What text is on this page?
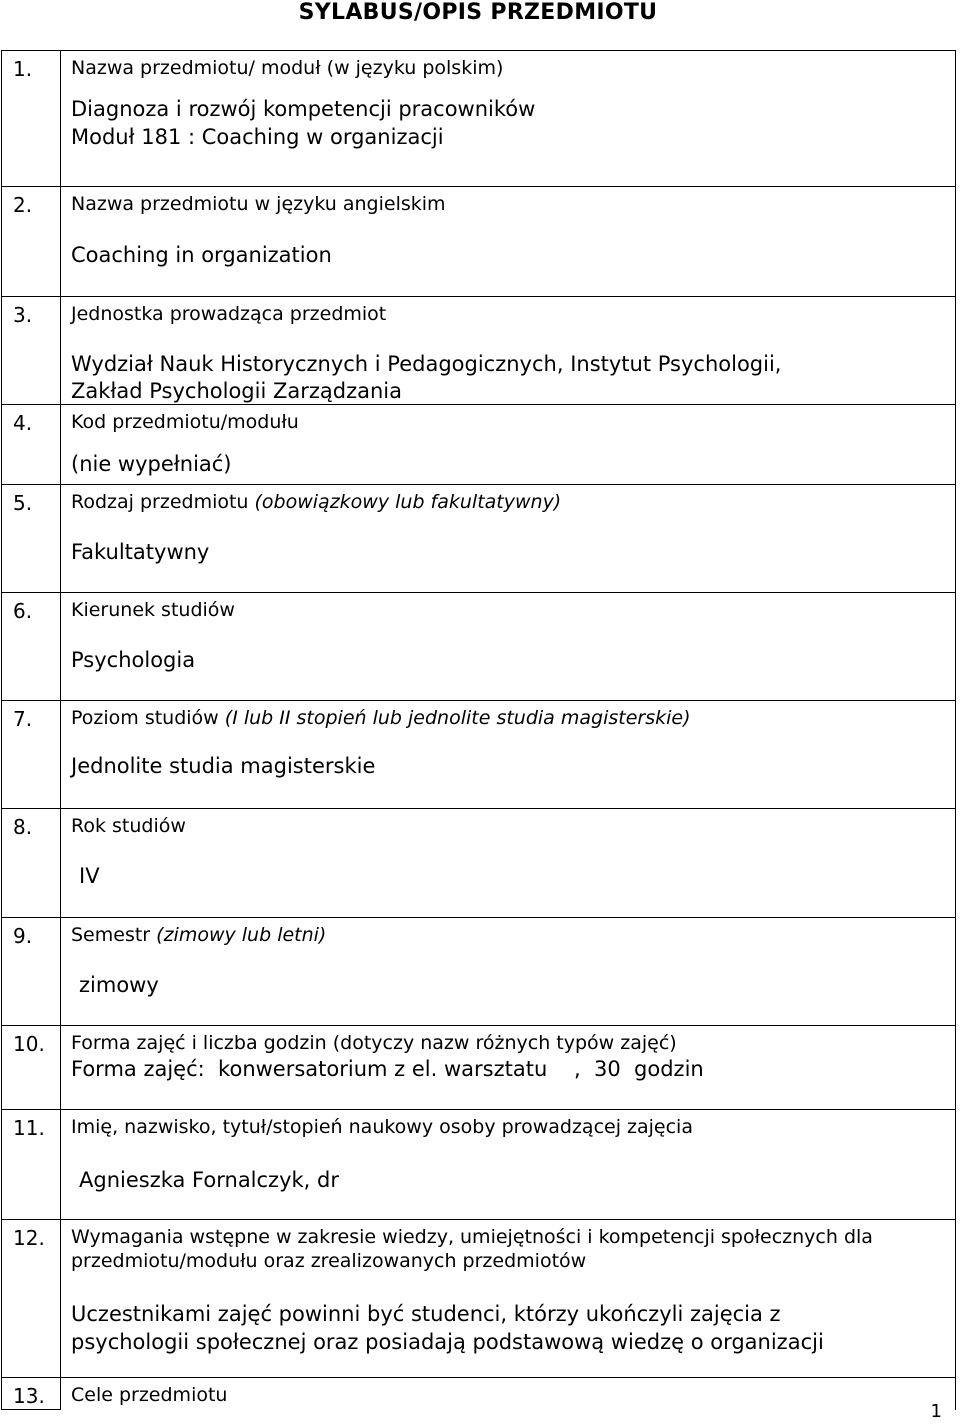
SYLABUS/OPIS PRZEDMIOTU
1.	Nazwa przedmiotu/ moduł (w języku polskim)
Diagnoza i rozwój kompetencji pracowników
Moduł 181 : Coaching w organizacji

2.	Nazwa przedmiotu w języku angielskim
Coaching in organization

3.	Jednostka prowadząca przedmiot
Wydział Nauk Historycznych i Pedagogicznych, Instytut Psychologii,
Zakład Psychologii Zarządzania

4.	Kod przedmiotu/modułu
(nie wypełniać)

5.	Rodzaj przedmiotu (obowiązkowy lub fakultatywny)
Fakultatywny

6.	Kierunek studiów
Psychologia

7.	Poziom studiów (I lub II stopień lub jednolite studia magisterskie)
Jednolite studia magisterskie

8.	Rok studiów
IV

9.	Semestr (zimowy lub letni)
zimowy

10.	Forma zajęć i liczba godzin (dotyczy nazw różnych typów zajęć)
Forma zajęć:  konwersatorium z el. warsztatu    ,  30  godzin

11.	Imię, nazwisko, tytuł/stopień naukowy osoby prowadzącej zajęcia
Agnieszka Fornalczyk, dr

12.	Wymagania wstępne w zakresie wiedzy, umiejętności i kompetencji społecznych dla
przedmiotu/modułu oraz zrealizowanych przedmiotów
Uczestnikami zajęć powinni być studenci, którzy ukończyli zajęcia z
psychologii społecznej oraz posiadają podstawową wiedzę o organizacji

13.	Cele przedmiotu
1
